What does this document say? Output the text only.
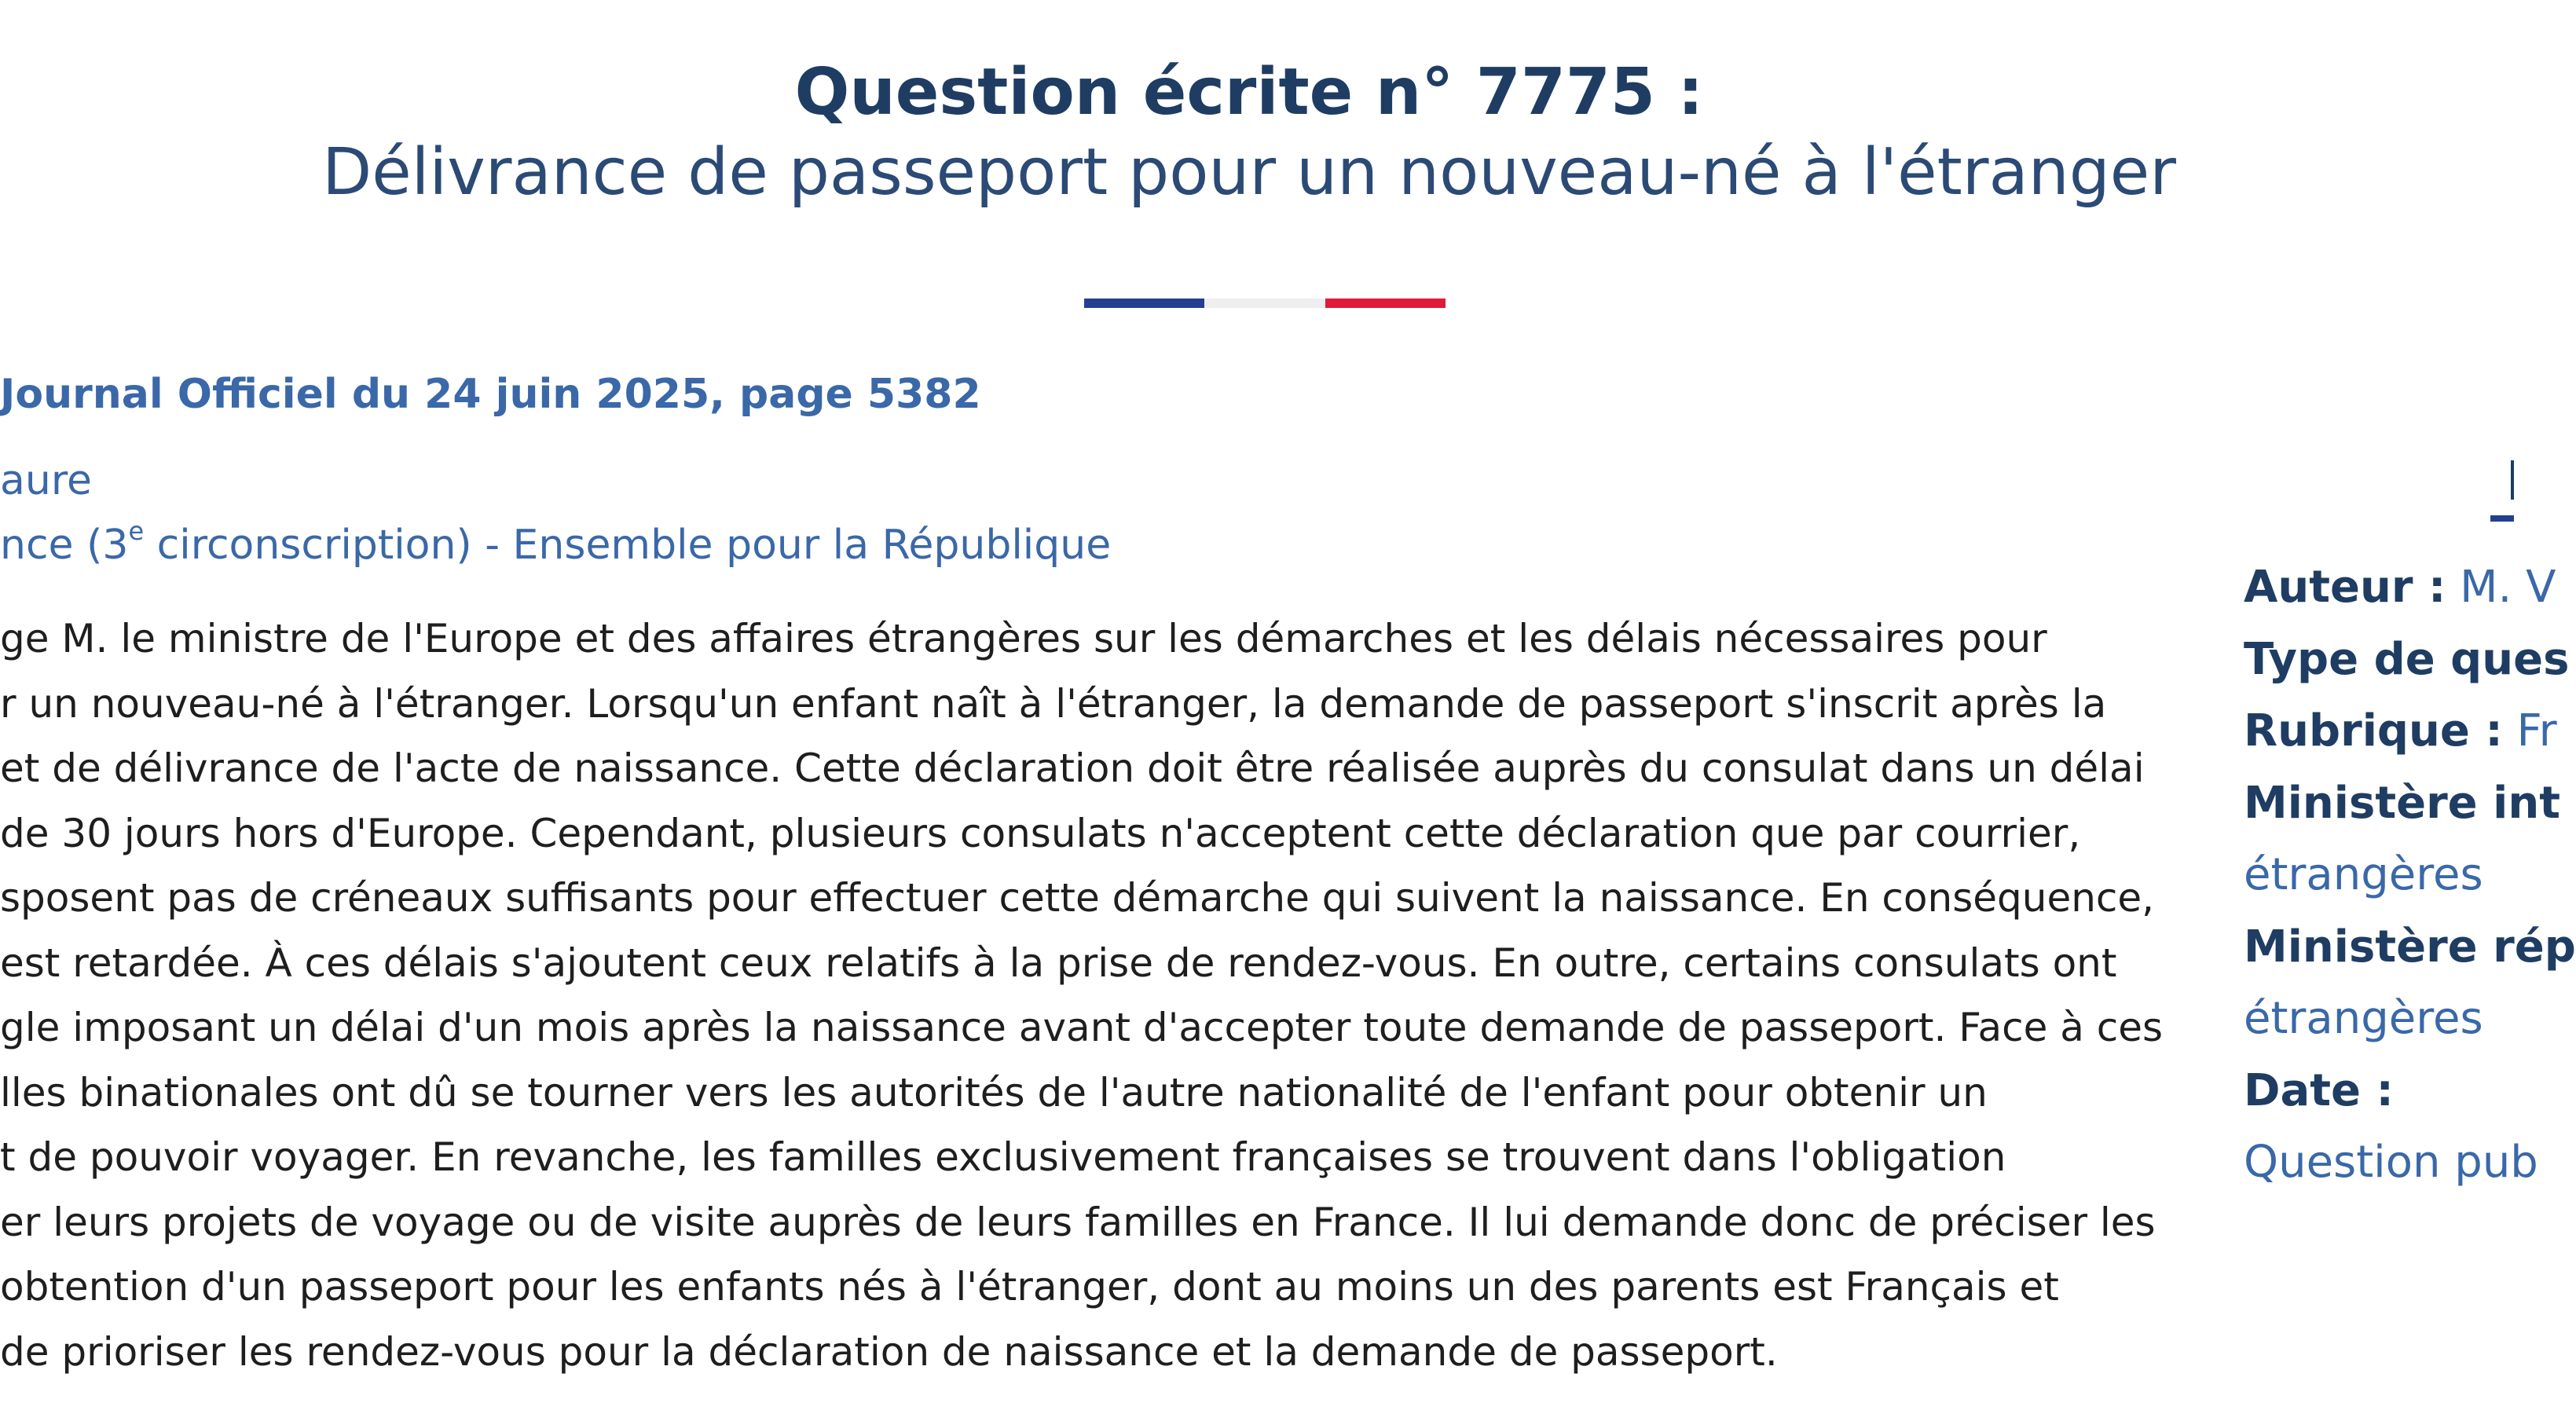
Question écrite n° 7775 :
Délivrance de passeport pour un nouveau-né à l'étranger
Journal Officiel du 24 juin 2025, page 5382
aure
nce (3e circonscription) - Ensemble pour la République

ge M. le ministre de l'Europe et des affaires étrangères sur les démarches et les délais nécessaires pour
r un nouveau-né à l'étranger. Lorsqu'un enfant naît à l'étranger, la demande de passeport s'inscrit après la
et de délivrance de l'acte de naissance. Cette déclaration doit être réalisée auprès du consulat dans un délai
de 30 jours hors d'Europe. Cependant, plusieurs consulats n'acceptent cette déclaration que par courrier,
sposent pas de créneaux suffisants pour effectuer cette démarche qui suivent la naissance. En conséquence,
est retardée. À ces délais s'ajoutent ceux relatifs à la prise de rendez-vous. En outre, certains consulats ont
gle imposant un délai d'un mois après la naissance avant d'accepter toute demande de passeport. Face à ces
lles binationales ont dû se tourner vers les autorités de l'autre nationalité de l'enfant pour obtenir un
t de pouvoir voyager. En revanche, les familles exclusivement françaises se trouvent dans l'obligation
er leurs projets de voyage ou de visite auprès de leurs familles en France. Il lui demande donc de préciser les
obtention d'un passeport pour les enfants nés à l'étranger, dont au moins un des parents est Français et
de prioriser les rendez-vous pour la déclaration de naissance et la demande de passeport.

Auteur : M. V
Type de ques
Rubrique : Fr
Ministère int
étrangères
Ministère rép
étrangères
Date :
Question pub
